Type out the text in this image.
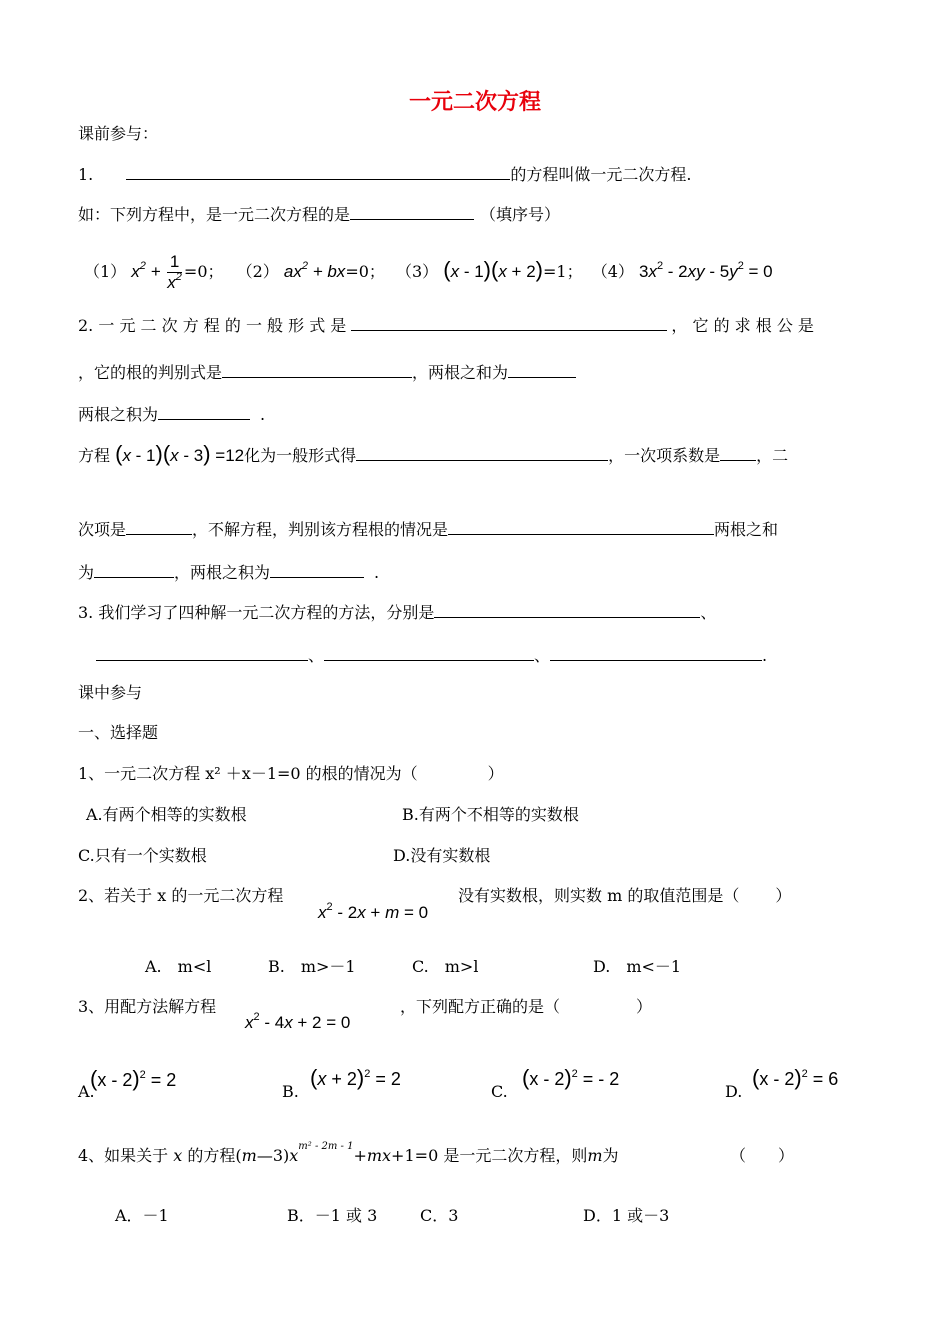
一元二次方程
课前参与：
1.	的方程叫做一元二次方程.
如：下列方程中，是一元二次方程的是	（填序号）
（1） $x^2 + \frac{1}{x^2} =0$； （2） $ax^2 + bx=0$； （3） (x - 1)(x + 2)=1； （4） $3x^2 - 2xy - 5y^2 = 0$
2. 一 元 二 次 方 程 的 一 般 形 式 是	， 它 的 求 根 公 是
，它的根的判别式是	，两根之和为
两根之积为	.
方程 (x - 1)(x - 3) =12化为一般形式得	，一次项系数是 ，二
次项是	，不解方程，判别该方程根的情况是	两根之和
为	，两根之积为	.
3. 我们学习了四种解一元二次方程的方法，分别是	、
、	、	.
课中参与
一、选择题
1、一元二次方程 x² ＋x－1=0 的根的情况为（	）
A.有两个相等的实数根	B.有两个不相等的实数根
C.只有一个实数根	D.没有实数根
2、若关于 x 的一元二次方程
$x^2 - 2x + m = 0$
没有实数根，则实数 m 的取值范围是（ ）
A.　m<l	B.　m>－1	C.　m>l	D.　m<－1
3、用配方法解方程
$x^2 - 4x + 2 = 0$
，下列配方正确的是（	）
A.
(x - 2)$^2$ = 2
B.
$(x + 2)^2 = 2$
C.
(x - 2)$^2$ = - 2
D.
(x - 2)$^2$ = 6
4、如果关于 x 的方程$(m—3)x^{m^2 - 2m - 1}+mx+1=0$ 是一元二次方程，则m为	（　　）
A．－1	B．－1 或 3	C．3	D．1 或－3
